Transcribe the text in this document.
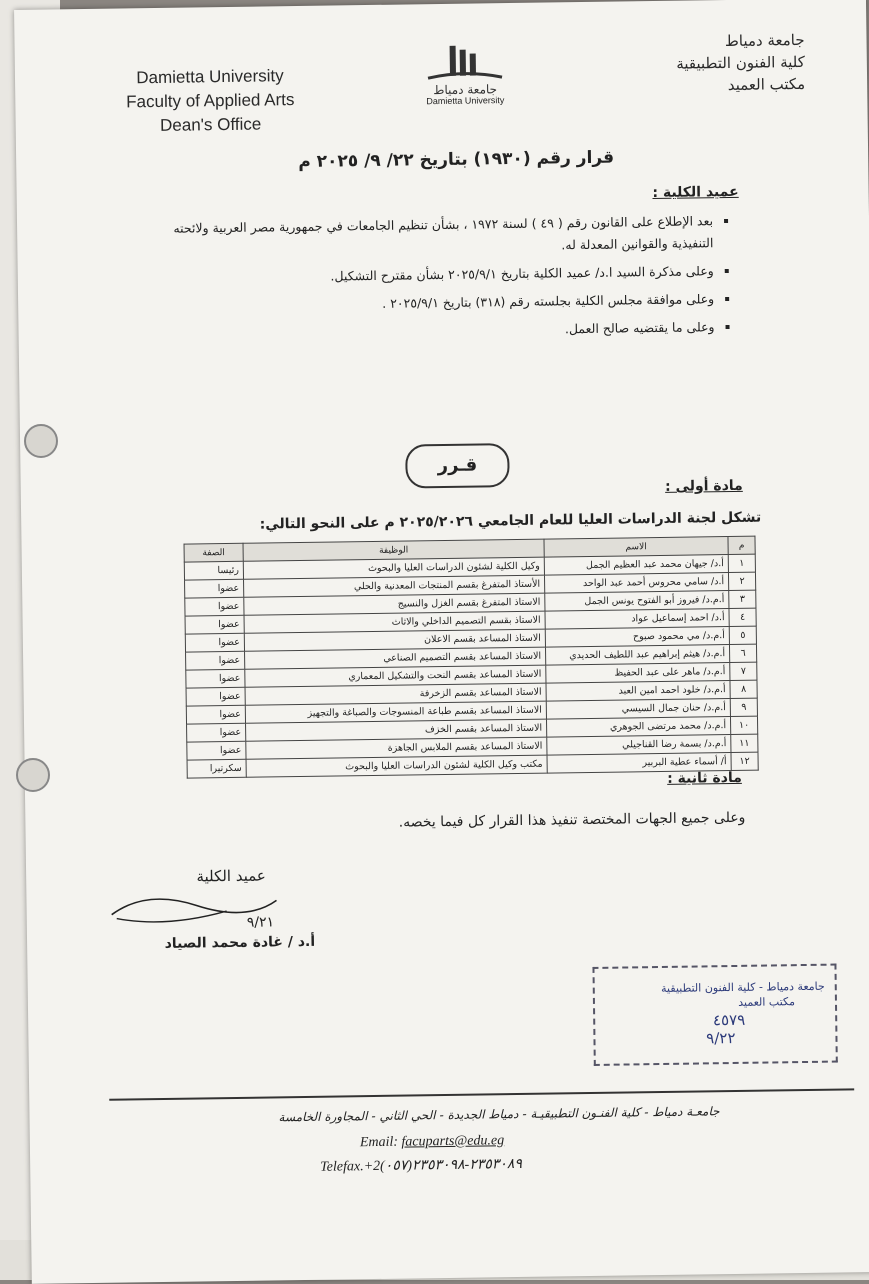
Damietta University
Faculty of Applied Arts
Dean's Office
جامعة دمياط
Damietta University
جامعة دمياط
كلية الفنون التطبيقية
مكتب العميد
قرار رقم (١٩٣٠) بتاريخ ٢٢/ ٩/ ٢٠٢٥ م
عميد الكلية :
▪ بعد الإطلاع على القانون رقم ( ٤٩ ) لسنة ١٩٧٢ ، بشأن تنظيم الجامعات في جمهورية مصر العربية ولائحته التنفيذية والقوانين المعدلة له.
▪ وعلى مذكرة السيد ا.د/ عميد الكلية بتاريخ ٢٠٢٥/٩/١ بشأن مقترح التشكيل.
▪ وعلى موافقة مجلس الكلية بجلسته رقم (٣١٨) بتاريخ ٢٠٢٥/٩/١ .
▪ وعلى ما يقتضيه صالح العمل.
قـرر
مادة أولى :
تشكل لجنة الدراسات العليا للعام الجامعي ٢٠٢٥/٢٠٢٦ م على النحو التالي:
م	الاسم	الوظيفة	الصفة
١	أ.د/ جيهان محمد عبد العظيم الجمل	وكيل الكلية لشئون الدراسات العليا والبحوث	رئيسا
٢	أ.د/ سامي محروس أحمد عبد الواحد	الأستاذ المتفرغ بقسم المنتجات المعدنية والحلي	عضوا
٣	أ.م.د/ فيروز أبو الفتوح يونس الجمل	الاستاذ المتفرغ بقسم الغزل والنسيج	عضوا
٤	أ.د/ احمد إسماعيل عواد	الاستاذ بقسم التصميم الداخلي والاثاث	عضوا
٥	أ.م.د/ مي محمود صبوح	الاستاذ المساعد بقسم الاعلان	عضوا
٦	أ.م.د/ هيثم إبراهيم عبد اللطيف الحديدي	الاستاذ المساعد بقسم التصميم الصناعي	عضوا
٧	أ.م.د/ ماهر على عبد الحفيظ	الاستاذ المساعد بقسم النحت والتشكيل المعماري	عضوا
٨	أ.م.د/ خلود احمد امين العبد	الاستاذ المساعد بقسم الزخرفة	عضوا
٩	أ.م.د/ حنان جمال السيسي	الاستاذ المساعد بقسم طباعة المنسوجات والصباغة والتجهيز	عضوا
١٠	أ.م.د/ محمد مرتضى الجوهري	الاستاذ المساعد بقسم الخزف	عضوا
١١	أ.م.د/ بسمة رضا القناجيلي	الاستاذ المساعد بقسم الملابس الجاهزة	عضوا
١٢	أ/ أسماء عطية البربير	مكتب وكيل الكلية لشئون الدراسات العليا والبحوث	سكرتيرا
مادة ثانية :
وعلى جميع الجهات المختصة تنفيذ هذا القرار كل فيما يخصه.
عميد الكلية
٩/٢١
أ.د / غادة محمد الصياد
جامعة دمياط - كلية الفنون التطبيقية
مكتب العميد
٤٥٧٩
٩/٢٢
جامعـة دمياط - كلية الفنـون التطبيقيـة - دمياط الجديدة - الحي الثاني - المجاورة الخامسة
Email: facuparts@edu.eg
Telefax.+2(٠٥٧)٢٣٥٣٠٨٩-٢٣٥٣٠٩٨
